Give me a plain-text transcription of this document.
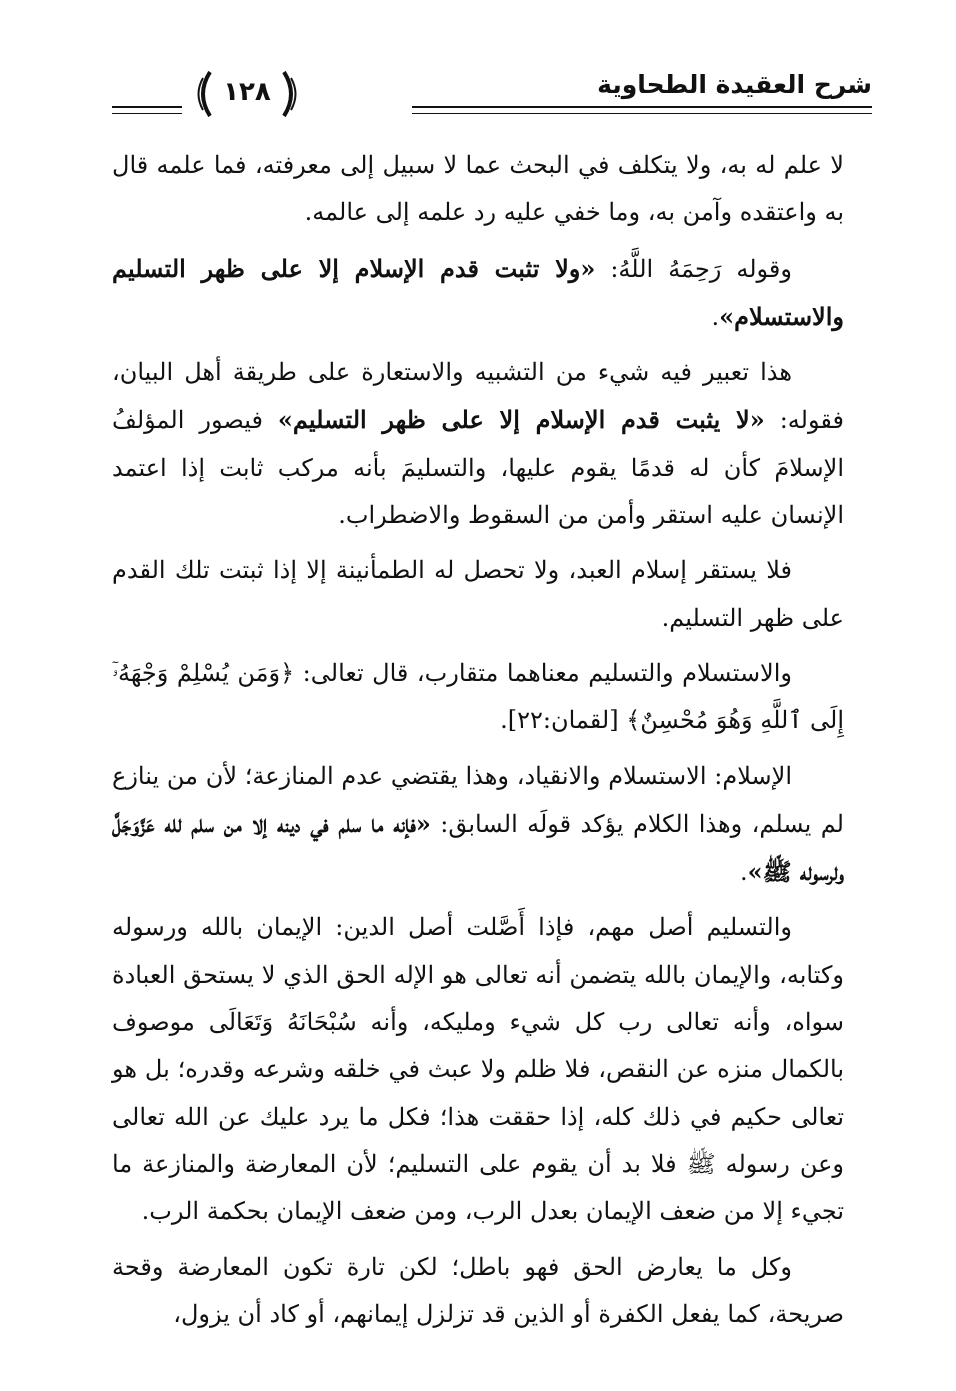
شرح العقيدة الطحاوية
١٢٨

لا علم له به، ولا يتكلف في البحث عما لا سبيل إلى معرفته، فما علمه قال به واعتقده وآمن به، وما خفي عليه رد علمه إلى عالمه.

وقوله رَحِمَهُ اللَّهُ: «ولا تثبت قدم الإسلام إلا على ظهر التسليم والاستسلام».

هذا تعبير فيه شيء من التشبيه والاستعارة على طريقة أهل البيان، فقوله: «لا يثبت قدم الإسلام إلا على ظهر التسليم» فيصور المؤلفُ الإسلامَ كأن له قدمًا يقوم عليها، والتسليمَ بأنه مركب ثابت إذا اعتمد الإنسان عليه استقر وأمن من السقوط والاضطراب.

فلا يستقر إسلام العبد، ولا تحصل له الطمأنينة إلا إذا ثبتت تلك القدم على ظهر التسليم.

والاستسلام والتسليم معناهما متقارب، قال تعالى: ﴿وَمَن يُسْلِمْ وَجْهَهُۥٓ إِلَى ٱللَّهِ وَهُوَ مُحْسِنٌ﴾ [لقمان:٢٢].

الإسلام: الاستسلام والانقياد، وهذا يقتضي عدم المنازعة؛ لأن من ينازع لم يسلم، وهذا الكلام يؤكد قولَه السابق: «فإنه ما سلم في دينه إلا من سلم لله عَزَّوَجَلَّ ولرسوله ﷺ».

والتسليم أصل مهم، فإذا أَصَّلت أصل الدين: الإيمان بالله ورسوله وكتابه، والإيمان بالله يتضمن أنه تعالى هو الإله الحق الذي لا يستحق العبادة سواه، وأنه تعالى رب كل شيء ومليكه، وأنه سُبْحَانَهُ وَتَعَالَى موصوف بالكمال منزه عن النقص، فلا ظلم ولا عبث في خلقه وشرعه وقدره؛ بل هو تعالى حكيم في ذلك كله، إذا حققت هذا؛ فكل ما يرد عليك عن الله تعالى وعن رسوله ﷺ فلا بد أن يقوم على التسليم؛ لأن المعارضة والمنازعة ما تجيء إلا من ضعف الإيمان بعدل الرب، ومن ضعف الإيمان بحكمة الرب.

وكل ما يعارض الحق فهو باطل؛ لكن تارة تكون المعارضة وقحة صريحة، كما يفعل الكفرة أو الذين قد تزلزل إيمانهم، أو كاد أن يزول،
